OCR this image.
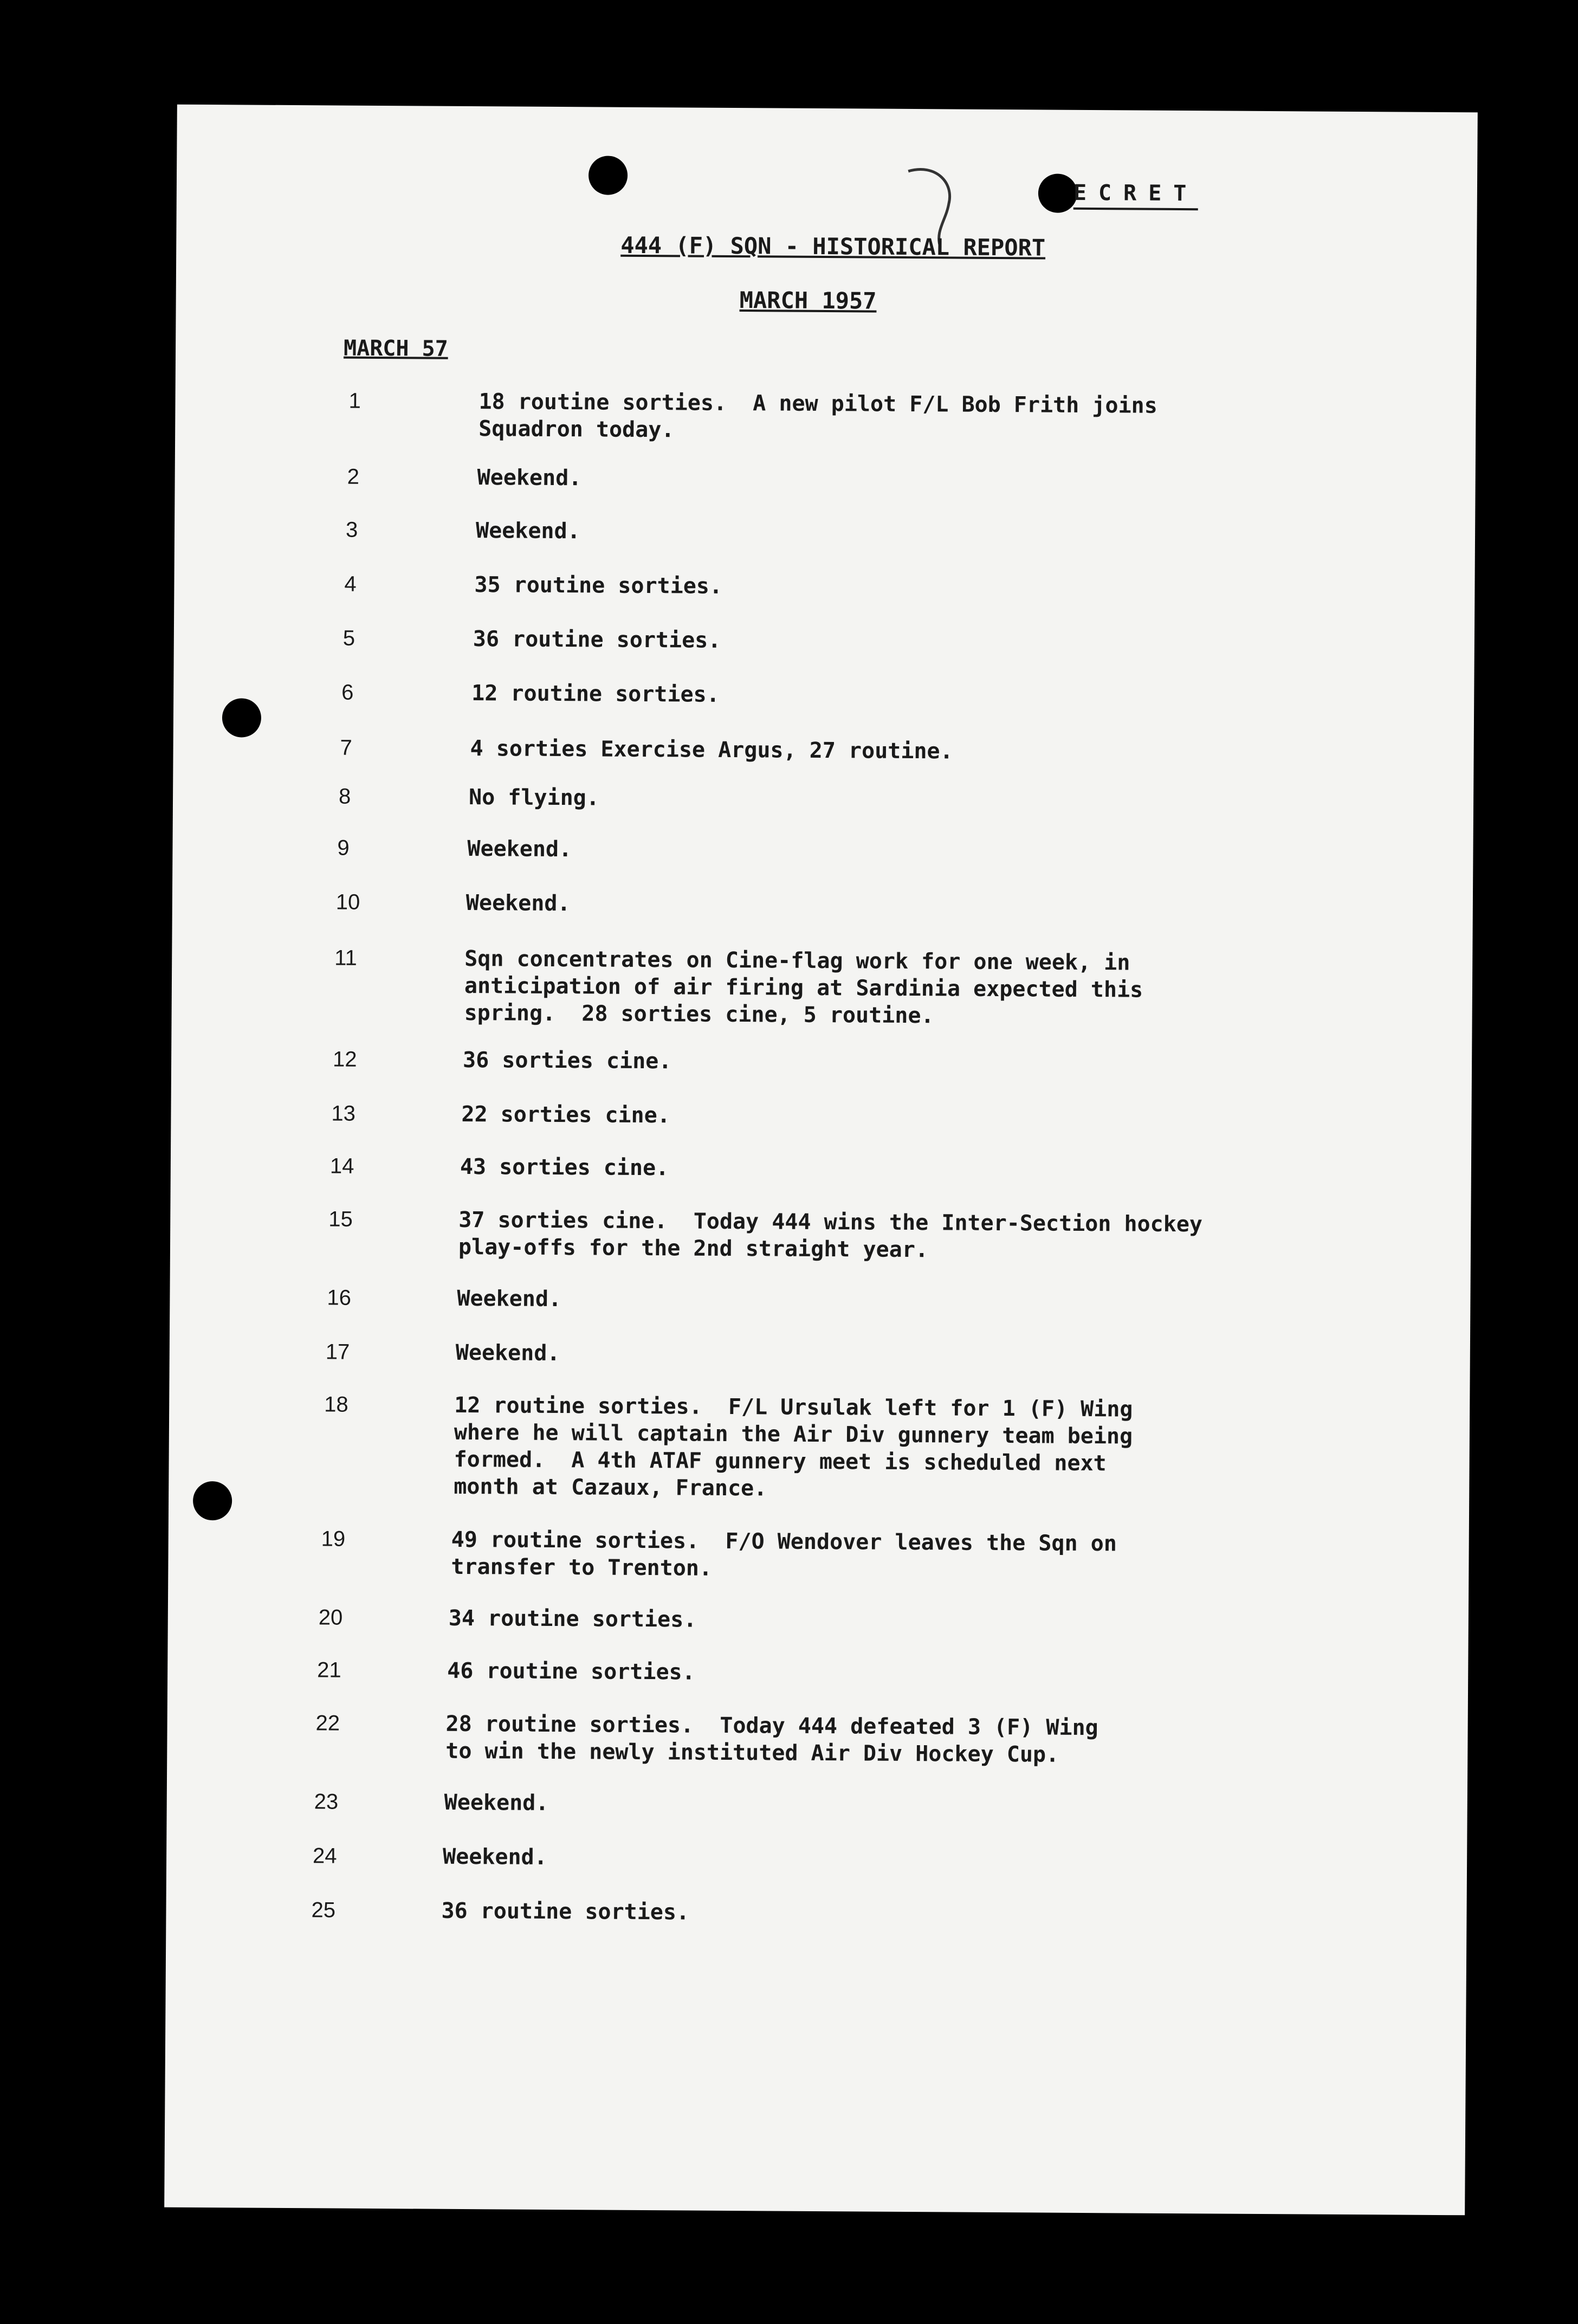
ECRET
444 (F) SQN - HISTORICAL REPORT
MARCH 1957
MARCH 57
1	18 routine sorties.  A new pilot F/L Bob Frith joins
Squadron today.
2	Weekend.
3	Weekend.
4	35 routine sorties.
5	36 routine sorties.
6	12 routine sorties.
7	4 sorties Exercise Argus, 27 routine.
8	No flying.
9	Weekend.
10	Weekend.
11	Sqn concentrates on Cine-flag work for one week, in
anticipation of air firing at Sardinia expected this
spring.  28 sorties cine, 5 routine.
12	36 sorties cine.
13	22 sorties cine.
14	43 sorties cine.
15	37 sorties cine.  Today 444 wins the Inter-Section hockey
play-offs for the 2nd straight year.
16	Weekend.
17	Weekend.
18	12 routine sorties.  F/L Ursulak left for 1 (F) Wing
where he will captain the Air Div gunnery team being
formed.  A 4th ATAF gunnery meet is scheduled next
month at Cazaux, France.
19	49 routine sorties.  F/O Wendover leaves the Sqn on
transfer to Trenton.
20	34 routine sorties.
21	46 routine sorties.
22	28 routine sorties.  Today 444 defeated 3 (F) Wing
to win the newly instituted Air Div Hockey Cup.
23	Weekend.
24	Weekend.
25	36 routine sorties.
